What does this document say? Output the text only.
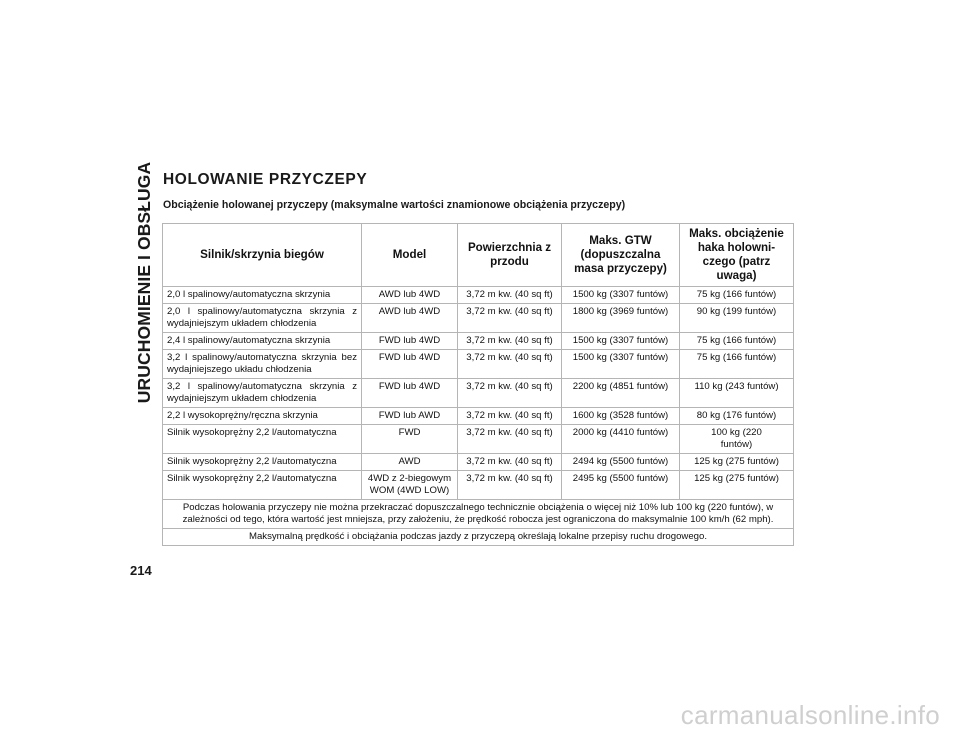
URUCHOMIENIE I OBSŁUGA HOLOWANIE PRZYCZEPY
Obciążenie holowanej przyczepy (maksymalne wartości znamionowe obciążenia przyczepy)
Silnik/skrzynia biegów	Model	Powierzchnia z przodu	Maks. GTW (dopuszczalna masa przyczepy)	Maks. obciążenie haka holowni-czego (patrz uwaga)
2,0 l spalinowy/automatyczna skrzynia	AWD lub 4WD	3,72 m kw. (40 sq ft)	1500 kg (3307 funtów)	75 kg (166 funtów)
2,0 l spalinowy/automatyczna skrzynia z wydajniejszym układem chłodzenia	AWD lub 4WD	3,72 m kw. (40 sq ft)	1800 kg (3969 funtów)	90 kg (199 funtów)
2,4 l spalinowy/automatyczna skrzynia	FWD lub 4WD	3,72 m kw. (40 sq ft)	1500 kg (3307 funtów)	75 kg (166 funtów)
3,2 l spalinowy/automatyczna skrzynia bez wydajniejszego układu chłodzenia	FWD lub 4WD	3,72 m kw. (40 sq ft)	1500 kg (3307 funtów)	75 kg (166 funtów)
3,2 l spalinowy/automatyczna skrzynia z wydajniejszym układem chłodzenia	FWD lub 4WD	3,72 m kw. (40 sq ft)	2200 kg (4851 funtów)	110 kg (243 funtów)
2,2 l wysokoprężny/ręczna skrzynia	FWD lub AWD	3,72 m kw. (40 sq ft)	1600 kg (3528 funtów)	80 kg (176 funtów)
Silnik wysokoprężny 2,2 l/automatyczna	FWD	3,72 m kw. (40 sq ft)	2000 kg (4410 funtów)	100 kg (220 funtów)
Silnik wysokoprężny 2,2 l/automatyczna	AWD	3,72 m kw. (40 sq ft)	2494 kg (5500 funtów)	125 kg (275 funtów)
Silnik wysokoprężny 2,2 l/automatyczna	4WD z 2-biegowym WOM (4WD LOW)	3,72 m kw. (40 sq ft)	2495 kg (5500 funtów)	125 kg (275 funtów)
Podczas holowania przyczepy nie można przekraczać dopuszczalnego technicznie obciążenia o więcej niż 10% lub 100 kg (220 funtów), w zależności od tego, która wartość jest mniejsza, przy założeniu, że prędkość robocza jest ograniczona do maksymalnie 100 km/h (62 mph).				
Maksymalną prędkość i obciążania podczas jazdy z przyczepą określają lokalne przepisy ruchu drogowego.				
214
carmanualsonline.info
